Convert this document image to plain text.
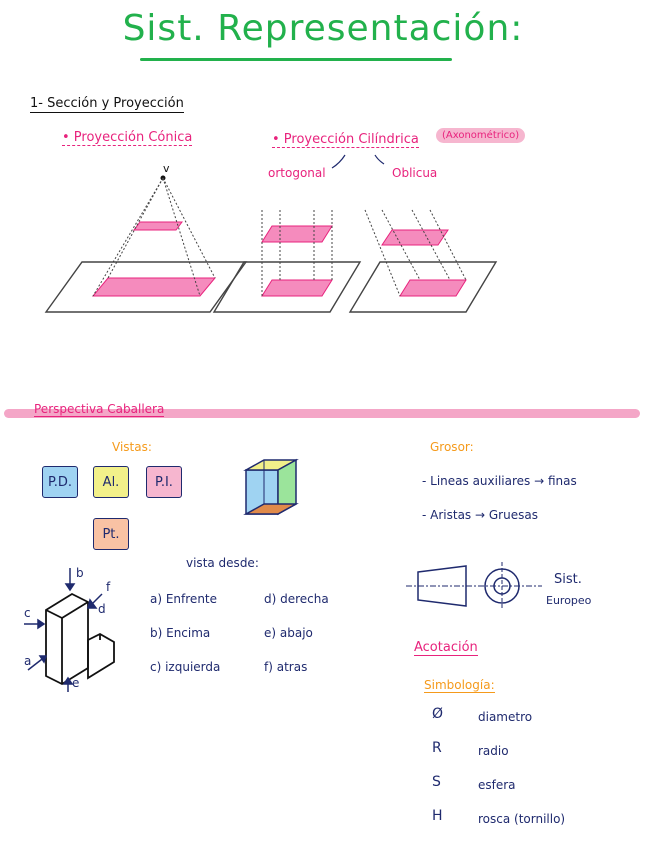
Sist. Representación:
1- Sección y Proyección
• Proyección Cónica	• Proyección Cilíndrica	(Axonométrico)
ortogonal	Oblicua
v
Perspectiva Caballera
Vistas:
P.D.	Al.	P.I.
Pt.
b
f
d
c
a
e
vista desde:
a) Enfrente
b) Encima
c) izquierda
d) derecha
e) abajo
f) atras
Grosor:
- Lineas auxiliares → finas
- Aristas → Gruesas
Sist.
Europeo
Acotación
Simbología:
Ø	diametro
R	radio
S	esfera
H	rosca (tornillo)
